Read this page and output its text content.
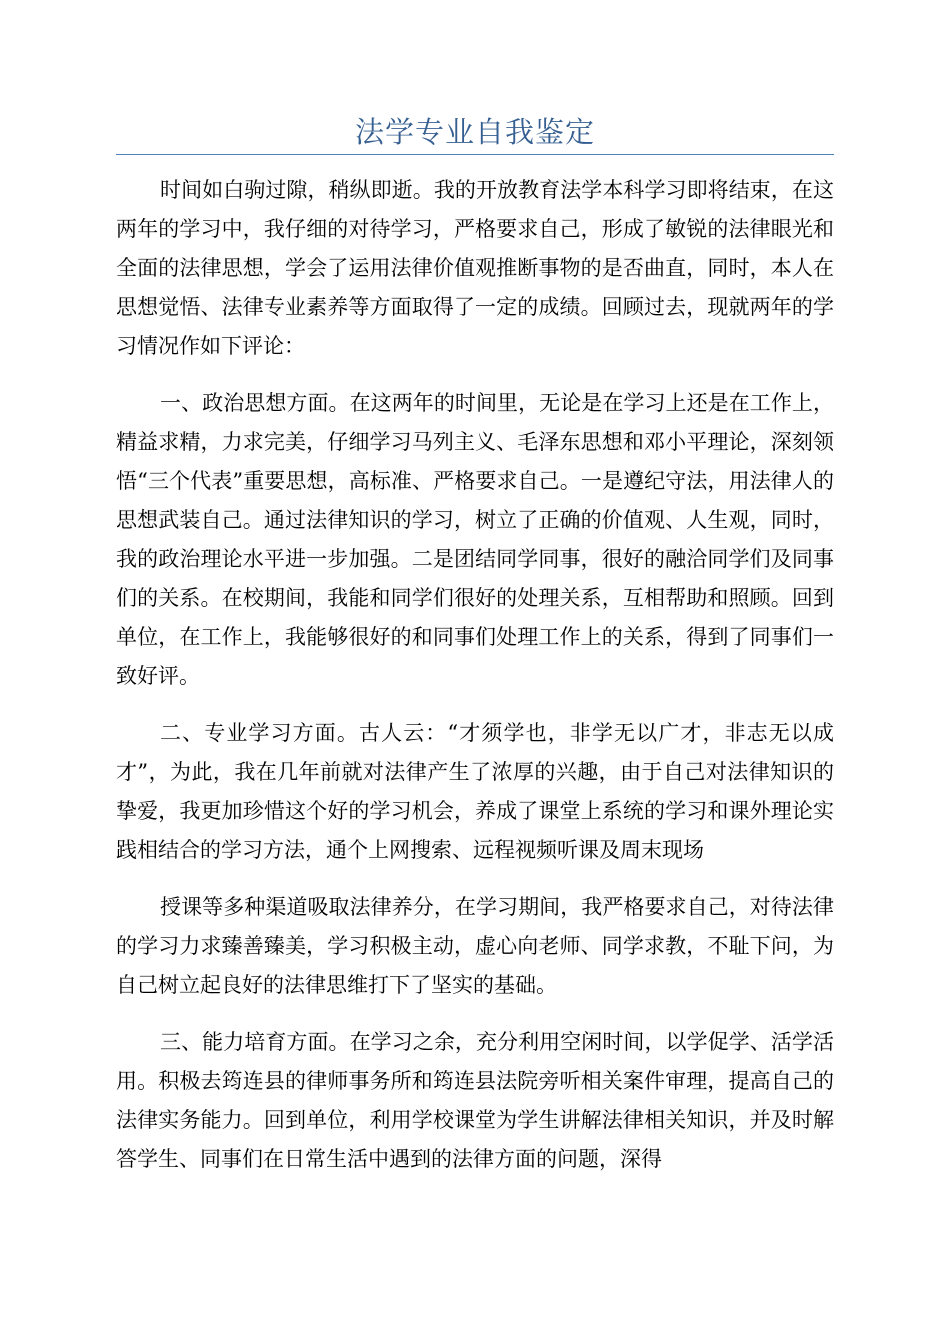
法学专业自我鉴定

时间如白驹过隙，稍纵即逝。我的开放教育法学本科学习即将结束，在这两年的学习中，我仔细的对待学习，严格要求自己，形成了敏锐的法律眼光和全面的法律思想，学会了运用法律价值观推断事物的是否曲直，同时，本人在思想觉悟、法律专业素养等方面取得了一定的成绩。回顾过去，现就两年的学习情况作如下评论：

一、政治思想方面。在这两年的时间里，无论是在学习上还是在工作上，精益求精，力求完美，仔细学习马列主义、毛泽东思想和邓小平理论，深刻领悟“三个代表”重要思想，高标准、严格要求自己。一是遵纪守法，用法律人的思想武装自己。通过法律知识的学习，树立了正确的价值观、人生观，同时，我的政治理论水平进一步加强。二是团结同学同事，很好的融洽同学们及同事们的关系。在校期间，我能和同学们很好的处理关系，互相帮助和照顾。回到单位，在工作上，我能够很好的和同事们处理工作上的关系，得到了同事们一致好评。

二、专业学习方面。古人云：“才须学也，非学无以广才，非志无以成才”，为此，我在几年前就对法律产生了浓厚的兴趣，由于自己对法律知识的挚爱，我更加珍惜这个好的学习机会，养成了课堂上系统的学习和课外理论实践相结合的学习方法，通个上网搜索、远程视频听课及周末现场

授课等多种渠道吸取法律养分，在学习期间，我严格要求自己，对待法律的学习力求臻善臻美，学习积极主动，虚心向老师、同学求教，不耻下问，为自己树立起良好的法律思维打下了坚实的基础。

三、能力培育方面。在学习之余，充分利用空闲时间，以学促学、活学活用。积极去筠连县的律师事务所和筠连县法院旁听相关案件审理，提高自己的法律实务能力。回到单位，利用学校课堂为学生讲解法律相关知识，并及时解答学生、同事们在日常生活中遇到的法律方面的问题，深得
